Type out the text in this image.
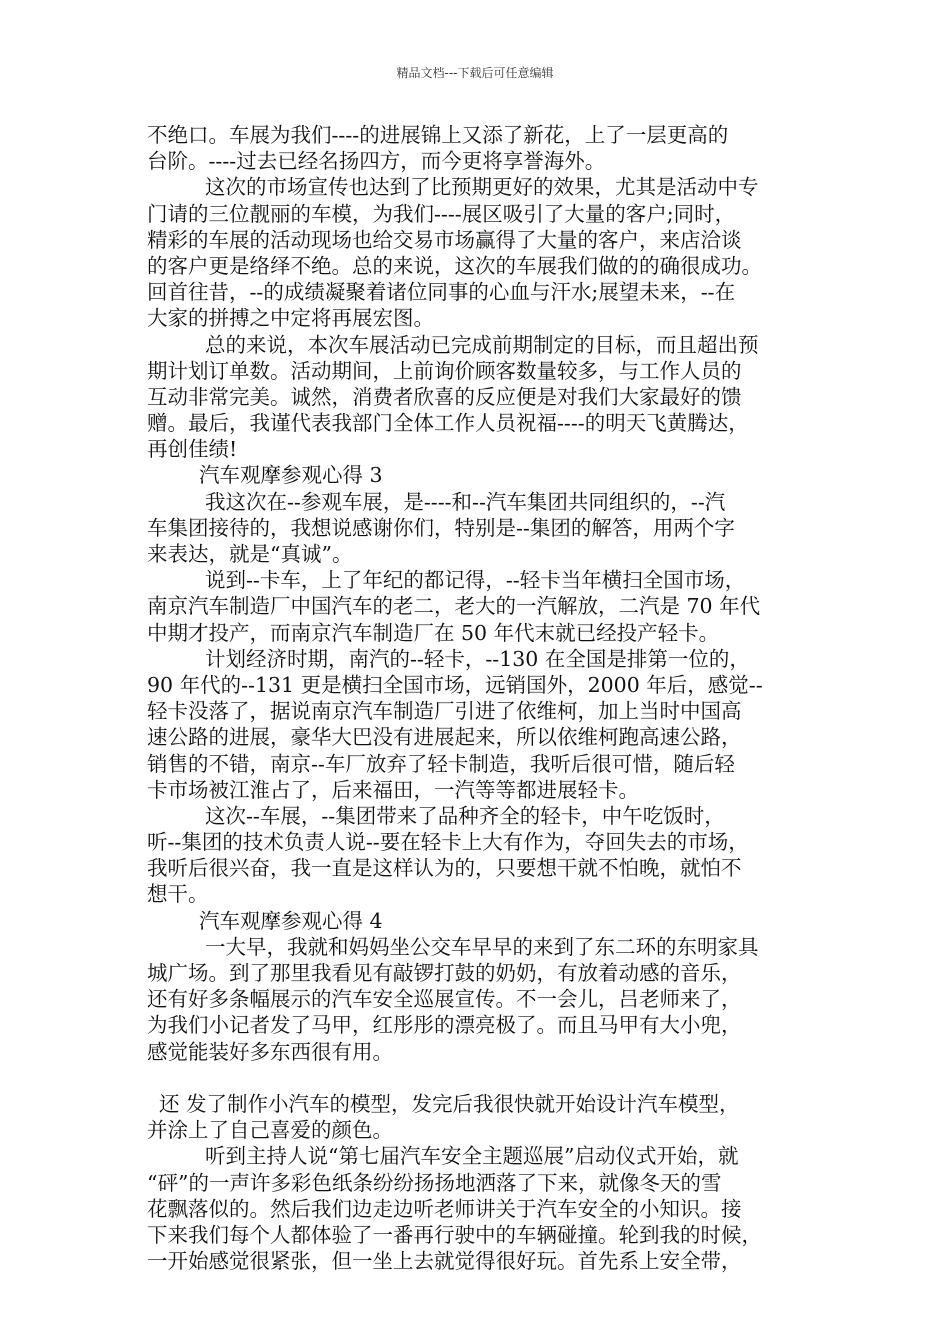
精品文档---下载后可任意编辑
不绝口。车展为我们----的进展锦上又添了新花，上了一层更高的
台阶。----过去已经名扬四方，而今更将享誉海外。
这次的市场宣传也达到了比预期更好的效果，尤其是活动中专
门请的三位靓丽的车模，为我们----展区吸引了大量的客户;同时，
精彩的车展的活动现场也给交易市场赢得了大量的客户，来店洽谈
的客户更是络绎不绝。总的来说，这次的车展我们做的的确很成功。
回首往昔，--的成绩凝聚着诸位同事的心血与汗水;展望未来，--在
大家的拼搏之中定将再展宏图。
总的来说，本次车展活动已完成前期制定的目标，而且超出预
期计划订单数。活动期间，上前询价顾客数量较多，与工作人员的
互动非常完美。诚然，消费者欣喜的反应便是对我们大家最好的馈
赠。最后，我谨代表我部门全体工作人员祝福----的明天飞黄腾达，
再创佳绩!
汽车观摩参观心得 3
我这次在--参观车展，是----和--汽车集团共同组织的，--汽
车集团接待的，我想说感谢你们，特别是--集团的解答，用两个字
来表达，就是“真诚”。
说到--卡车，上了年纪的都记得，--轻卡当年横扫全国市场，
南京汽车制造厂中国汽车的老二，老大的一汽解放，二汽是 70 年代
中期才投产，而南京汽车制造厂在 50 年代末就已经投产轻卡。
计划经济时期，南汽的--轻卡，--130 在全国是排第一位的，
90 年代的--131 更是横扫全国市场，远销国外，2000 年后，感觉--
轻卡没落了，据说南京汽车制造厂引进了依维柯，加上当时中国高
速公路的进展，豪华大巴没有进展起来，所以依维柯跑高速公路，
销售的不错，南京--车厂放弃了轻卡制造，我听后很可惜，随后轻
卡市场被江淮占了，后来福田，一汽等等都进展轻卡。
这次--车展，--集团带来了品种齐全的轻卡，中午吃饭时，
听--集团的技术负责人说--要在轻卡上大有作为，夺回失去的市场，
我听后很兴奋，我一直是这样认为的，只要想干就不怕晚，就怕不
想干。
汽车观摩参观心得 4
一大早，我就和妈妈坐公交车早早的来到了东二环的东明家具
城广场。到了那里我看见有敲锣打鼓的奶奶，有放着动感的音乐，
还有好多条幅展示的汽车安全巡展宣传。不一会儿，吕老师来了，
为我们小记者发了马甲，红彤彤的漂亮极了。而且马甲有大小兜，
感觉能装好多东西很有用。
还 发了制作小汽车的模型，发完后我很快就开始设计汽车模型，
并涂上了自己喜爱的颜色。
听到主持人说“第七届汽车安全主题巡展”启动仪式开始，就
“砰”的一声许多彩色纸条纷纷扬扬地洒落了下来，就像冬天的雪
花飘落似的。然后我们边走边听老师讲关于汽车安全的小知识。接
下来我们每个人都体验了一番再行驶中的车辆碰撞。轮到我的时候，
一开始感觉很紧张，但一坐上去就觉得很好玩。首先系上安全带，
